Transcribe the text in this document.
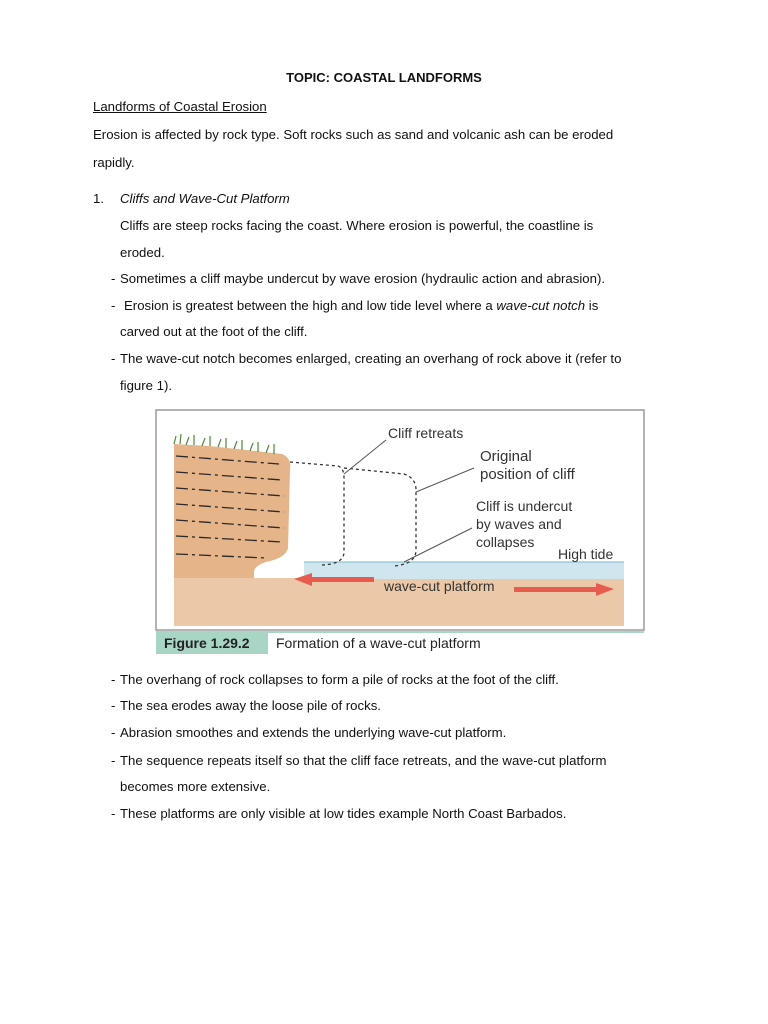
TOPIC: COASTAL LANDFORMS
Landforms of Coastal Erosion
Erosion is affected by rock type. Soft rocks such as sand and volcanic ash can be eroded
rapidly.
1. Cliffs and Wave-Cut Platform
Cliffs are steep rocks facing the coast. Where erosion is powerful, the coastline is
eroded.
- Sometimes a cliff maybe undercut by wave erosion (hydraulic action and abrasion).
- Erosion is greatest between the high and low tide level where a wave-cut notch is
carved out at the foot of the cliff.
- The wave-cut notch becomes enlarged, creating an overhang of rock above it (refer to
figure 1).
Cliff retreats
Original
position of cliff
Cliff is undercut
by waves and
collapses
High tide
wave-cut platform
Figure 1.29.2 Formation of a wave-cut platform
- The overhang of rock collapses to form a pile of rocks at the foot of the cliff.
- The sea erodes away the loose pile of rocks.
- Abrasion smoothes and extends the underlying wave-cut platform.
- The sequence repeats itself so that the cliff face retreats, and the wave-cut platform
becomes more extensive.
- These platforms are only visible at low tides example North Coast Barbados.
